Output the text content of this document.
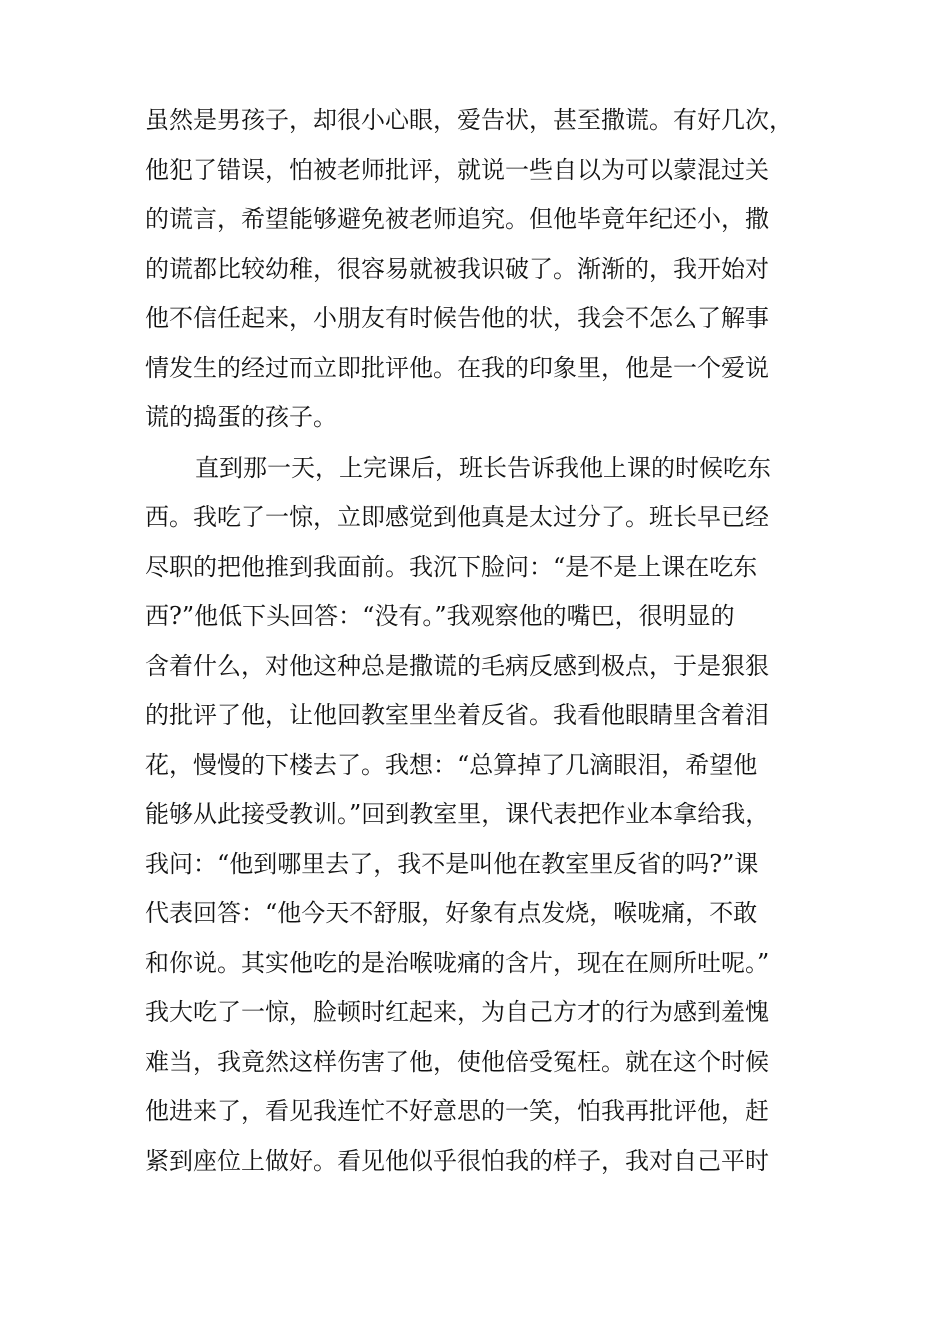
虽然是男孩子，却很小心眼，爱告状，甚至撒谎。有好几次，
他犯了错误，怕被老师批评，就说一些自以为可以蒙混过关
的谎言，希望能够避免被老师追究。但他毕竟年纪还小，撒
的谎都比较幼稚，很容易就被我识破了。渐渐的，我开始对
他不信任起来，小朋友有时候告他的状，我会不怎么了解事
情发生的经过而立即批评他。在我的印象里，他是一个爱说
谎的捣蛋的孩子。
直到那一天，上完课后，班长告诉我他上课的时候吃东
西。我吃了一惊，立即感觉到他真是太过分了。班长早已经
尽职的把他推到我面前。我沉下脸问：“是不是上课在吃东
西?”他低下头回答：“没有。”我观察他的嘴巴，很明显的
含着什么，对他这种总是撒谎的毛病反感到极点，于是狠狠
的批评了他，让他回教室里坐着反省。我看他眼睛里含着泪
花，慢慢的下楼去了。我想：“总算掉了几滴眼泪，希望他
能够从此接受教训。”回到教室里，课代表把作业本拿给我，
我问：“他到哪里去了，我不是叫他在教室里反省的吗?”课
代表回答：“他今天不舒服，好象有点发烧，喉咙痛，不敢
和你说。其实他吃的是治喉咙痛的含片，现在在厕所吐呢。”
我大吃了一惊，脸顿时红起来，为自己方才的行为感到羞愧
难当，我竟然这样伤害了他，使他倍受冤枉。就在这个时候
他进来了，看见我连忙不好意思的一笑，怕我再批评他，赶
紧到座位上做好。看见他似乎很怕我的样子，我对自己平时
